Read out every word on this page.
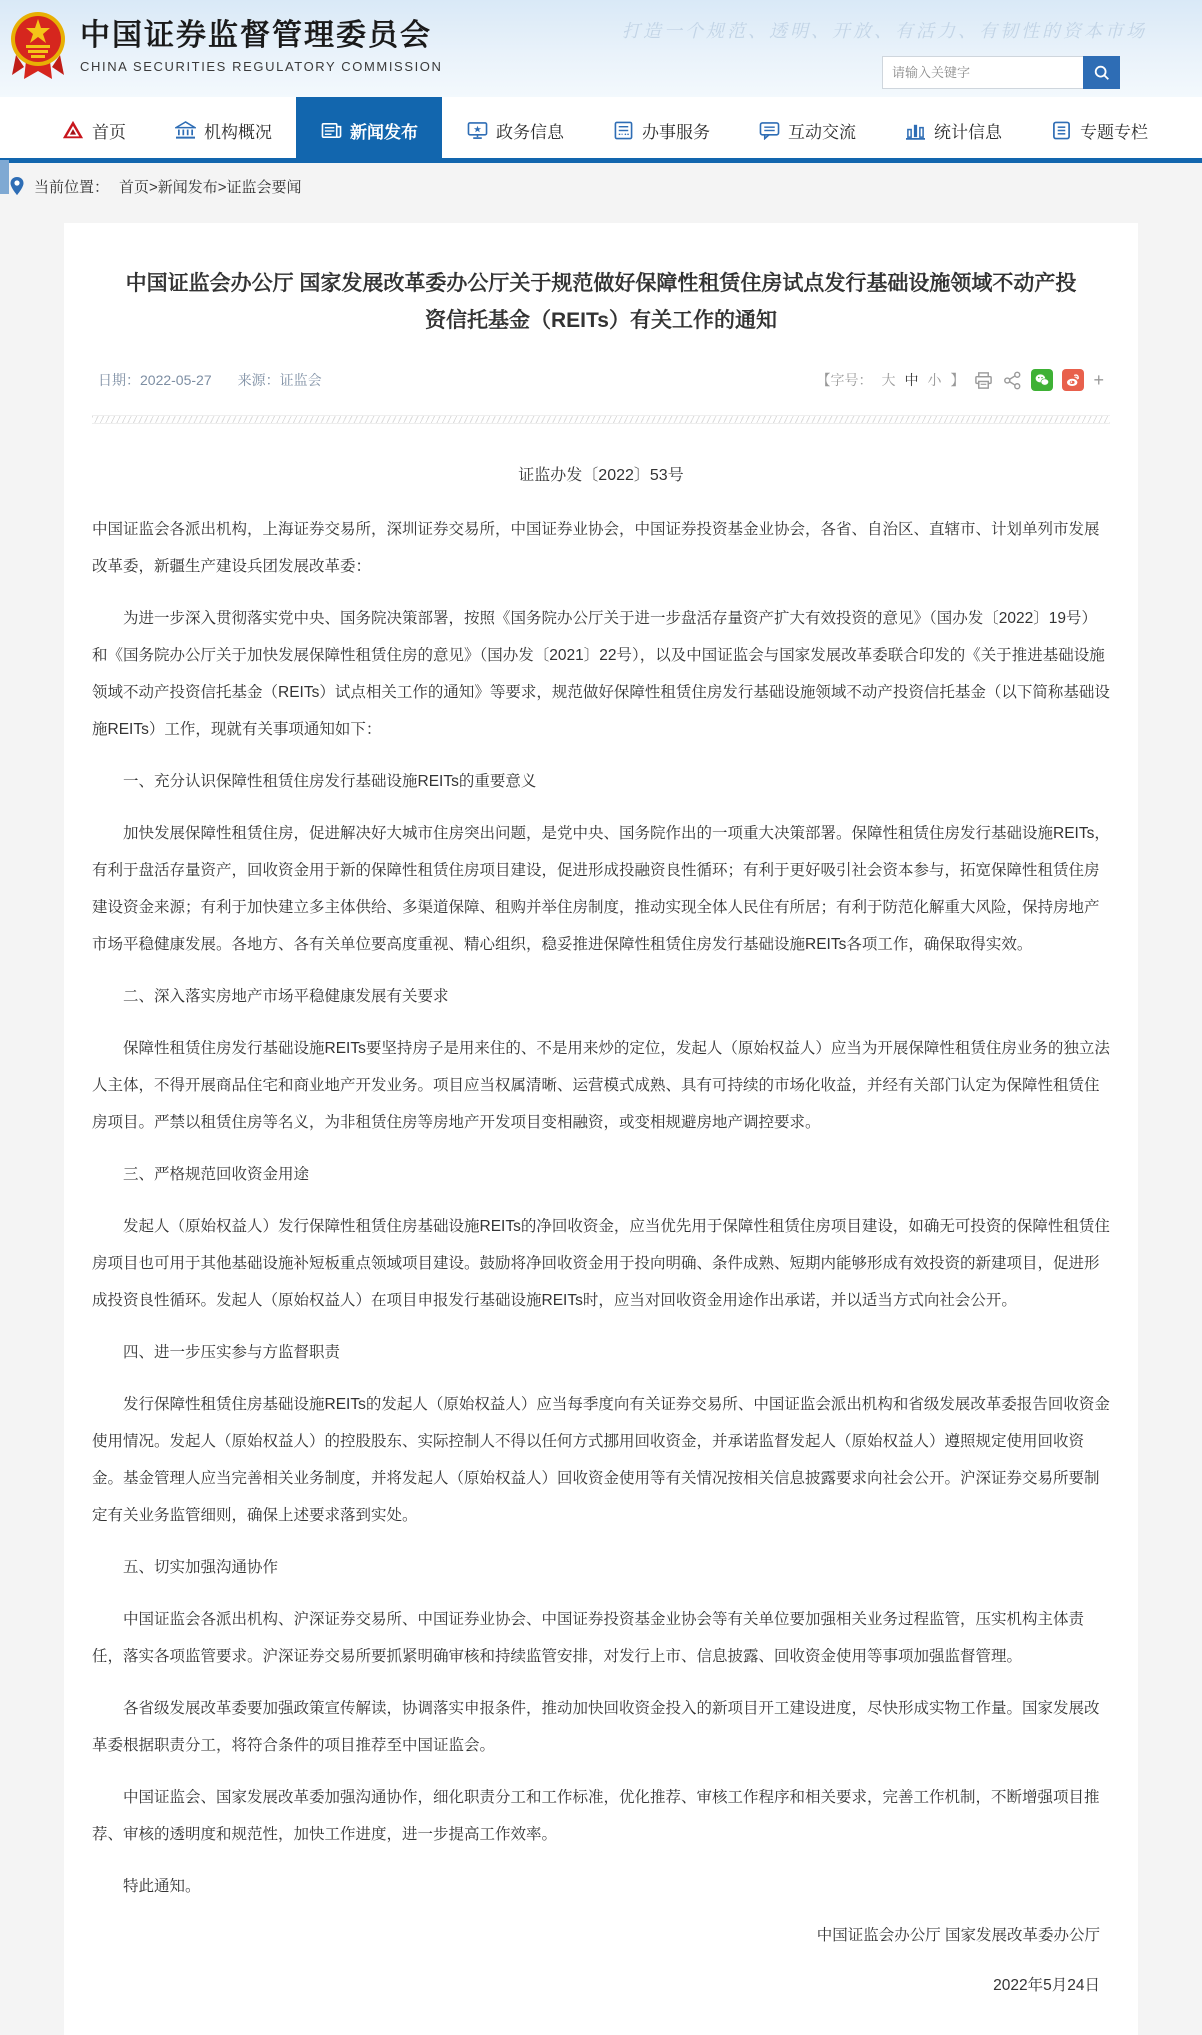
中国证券监督管理委员会
CHINA SECURITIES REGULATORY COMMISSION
打造一个规范、透明、开放、有活力、有韧性的资本市场
请输入关键字
首页	机构概况	新闻发布	政务信息	办事服务	互动交流	统计信息	专题专栏
当前位置： 首页>新闻发布>证监会要闻
中国证监会办公厅 国家发展改革委办公厅关于规范做好保障性租赁住房试点发行基础设施领域不动产投资信托基金（REITs）有关工作的通知
日期：2022-05-27 来源：证监会	【字号： 大 中 小 】	+
证监办发〔2022〕53号
中国证监会各派出机构，上海证券交易所，深圳证券交易所，中国证券业协会，中国证券投资基金业协会，各省、自治区、直辖市、计划单列市发展改革委，新疆生产建设兵团发展改革委：
为进一步深入贯彻落实党中央、国务院决策部署，按照《国务院办公厅关于进一步盘活存量资产扩大有效投资的意见》（国办发〔2022〕19号）和《国务院办公厅关于加快发展保障性租赁住房的意见》（国办发〔2021〕22号），以及中国证监会与国家发展改革委联合印发的《关于推进基础设施领域不动产投资信托基金（REITs）试点相关工作的通知》等要求，规范做好保障性租赁住房发行基础设施领域不动产投资信托基金（以下简称基础设施REITs）工作，现就有关事项通知如下：
一、充分认识保障性租赁住房发行基础设施REITs的重要意义
加快发展保障性租赁住房，促进解决好大城市住房突出问题，是党中央、国务院作出的一项重大决策部署。保障性租赁住房发行基础设施REITs，有利于盘活存量资产，回收资金用于新的保障性租赁住房项目建设，促进形成投融资良性循环；有利于更好吸引社会资本参与，拓宽保障性租赁住房建设资金来源；有利于加快建立多主体供给、多渠道保障、租购并举住房制度，推动实现全体人民住有所居；有利于防范化解重大风险，保持房地产市场平稳健康发展。各地方、各有关单位要高度重视、精心组织，稳妥推进保障性租赁住房发行基础设施REITs各项工作，确保取得实效。
二、深入落实房地产市场平稳健康发展有关要求
保障性租赁住房发行基础设施REITs要坚持房子是用来住的、不是用来炒的定位，发起人（原始权益人）应当为开展保障性租赁住房业务的独立法人主体，不得开展商品住宅和商业地产开发业务。项目应当权属清晰、运营模式成熟、具有可持续的市场化收益，并经有关部门认定为保障性租赁住房项目。严禁以租赁住房等名义，为非租赁住房等房地产开发项目变相融资，或变相规避房地产调控要求。
三、严格规范回收资金用途
发起人（原始权益人）发行保障性租赁住房基础设施REITs的净回收资金，应当优先用于保障性租赁住房项目建设，如确无可投资的保障性租赁住房项目也可用于其他基础设施补短板重点领域项目建设。鼓励将净回收资金用于投向明确、条件成熟、短期内能够形成有效投资的新建项目，促进形成投资良性循环。发起人（原始权益人）在项目申报发行基础设施REITs时，应当对回收资金用途作出承诺，并以适当方式向社会公开。
四、进一步压实参与方监督职责
发行保障性租赁住房基础设施REITs的发起人（原始权益人）应当每季度向有关证券交易所、中国证监会派出机构和省级发展改革委报告回收资金使用情况。发起人（原始权益人）的控股股东、实际控制人不得以任何方式挪用回收资金，并承诺监督发起人（原始权益人）遵照规定使用回收资金。基金管理人应当完善相关业务制度，并将发起人（原始权益人）回收资金使用等有关情况按相关信息披露要求向社会公开。沪深证券交易所要制定有关业务监管细则，确保上述要求落到实处。
五、切实加强沟通协作
中国证监会各派出机构、沪深证券交易所、中国证券业协会、中国证券投资基金业协会等有关单位要加强相关业务过程监管，压实机构主体责任，落实各项监管要求。沪深证券交易所要抓紧明确审核和持续监管安排，对发行上市、信息披露、回收资金使用等事项加强监督管理。
各省级发展改革委要加强政策宣传解读，协调落实申报条件，推动加快回收资金投入的新项目开工建设进度，尽快形成实物工作量。国家发展改革委根据职责分工，将符合条件的项目推荐至中国证监会。
中国证监会、国家发展改革委加强沟通协作，细化职责分工和工作标准，优化推荐、审核工作程序和相关要求，完善工作机制，不断增强项目推荐、审核的透明度和规范性，加快工作进度，进一步提高工作效率。
特此通知。
中国证监会办公厅 国家发展改革委办公厅
2022年5月24日
